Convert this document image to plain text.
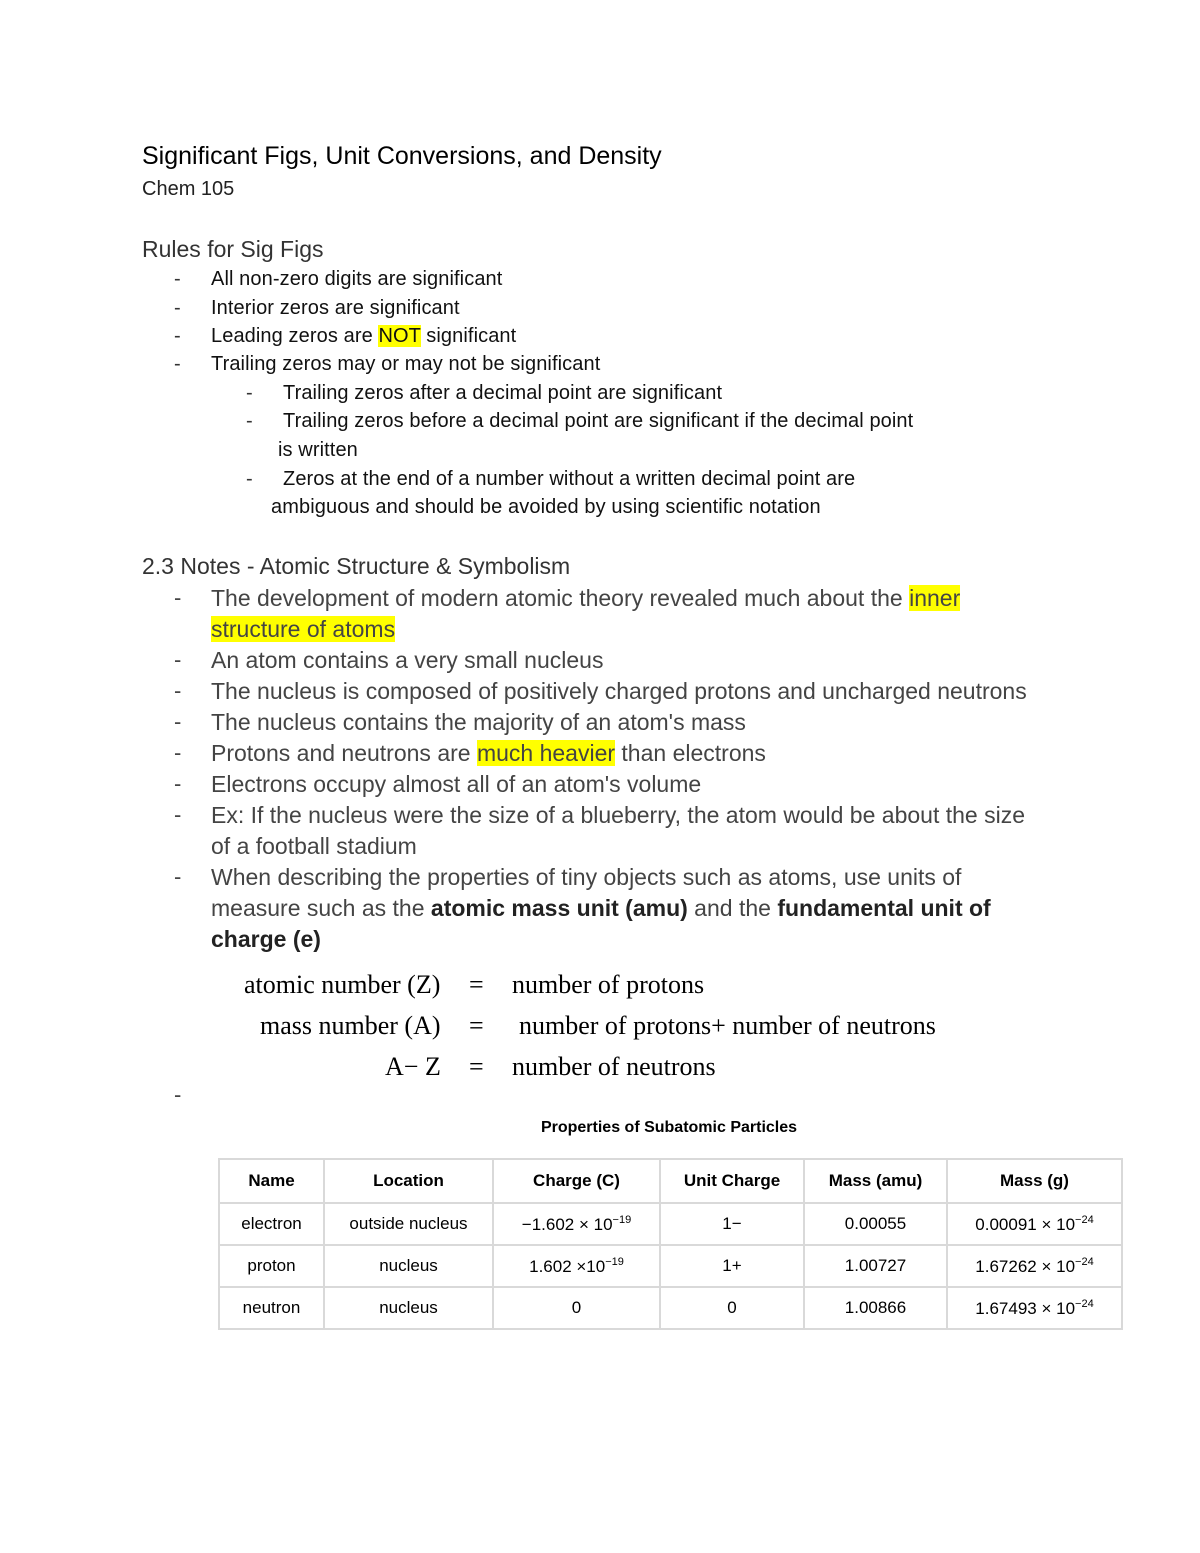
Significant Figs, Unit Conversions, and Density
Chem 105
Rules for Sig Figs
- All non-zero digits are significant
- Interior zeros are significant
- Leading zeros are NOT significant
- Trailing zeros may or may not be significant
- Trailing zeros after a decimal point are significant
- Trailing zeros before a decimal point are significant if the decimal point
is written
- Zeros at the end of a number without a written decimal point are
ambiguous and should be avoided by using scientific notation
2.3 Notes - Atomic Structure & Symbolism
- The development of modern atomic theory revealed much about the inner
structure of atoms
- An atom contains a very small nucleus
- The nucleus is composed of positively charged protons and uncharged neutrons
- The nucleus contains the majority of an atom's mass
- Protons and neutrons are much heavier than electrons
- Electrons occupy almost all of an atom's volume
- Ex: If the nucleus were the size of a blueberry, the atom would be about the size
of a football stadium
- When describing the properties of tiny objects such as atoms, use units of
measure such as the atomic mass unit (amu) and the fundamental unit of
charge (e)
atomic number (Z) = number of protons
mass number (A) = number of protons+ number of neutrons
A− Z = number of neutrons
-
Properties of Subatomic Particles
Name	Location	Charge (C)	Unit Charge	Mass (amu)	Mass (g)
electron	outside nucleus	$-1.602 \times 10^{-19}$	1−	0.00055	$0.00091 \times 10^{-24}$
proton	nucleus	$1.602 \times 10^{-19}$	1+	1.00727	$1.67262 \times 10^{-24}$
neutron	nucleus	0	0	1.00866	$1.67493 \times 10^{-24}$
